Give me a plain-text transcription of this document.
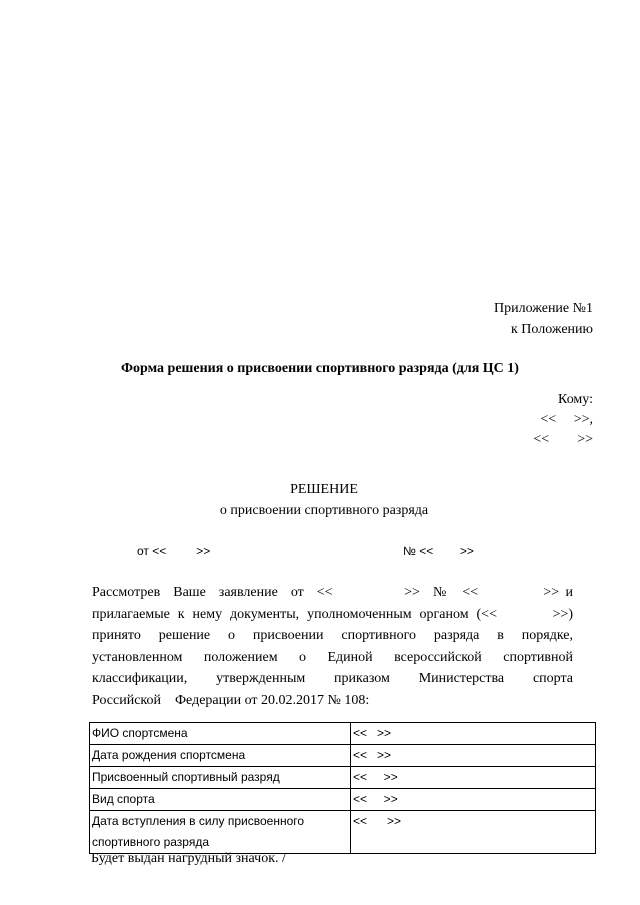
Приложение №1
к Положению
Форма решения о присвоении спортивного разряда (для ЦС 1)
Кому:
<<     >>,
<<        >>
РЕШЕНИЕ
о присвоении спортивного разряда
от <<         >>	№ <<        >>
Рассмотрев  Ваше  заявление  от  <<           >>  №  <<          >> и
прилагаемые к нему документы, уполномоченным органом (<<       >>)
принято  решение  о  присвоении  спортивного  разряда  в  порядке,
установленном положением о Единой всероссийской спортивной
классификации, утвержденным приказом Министерства спорта
Российской    Федерации от 20.02.2017 № 108:
ФИО спортсмена	<<   >>
Дата рождения спортсмена	<<   >>
Присвоенный спортивный разряд	<<     >>
Вид спорта	<<     >>
Дата вступления в силу присвоенного
спортивного разряда	<<      >>
Будет выдан нагрудный значок. /
